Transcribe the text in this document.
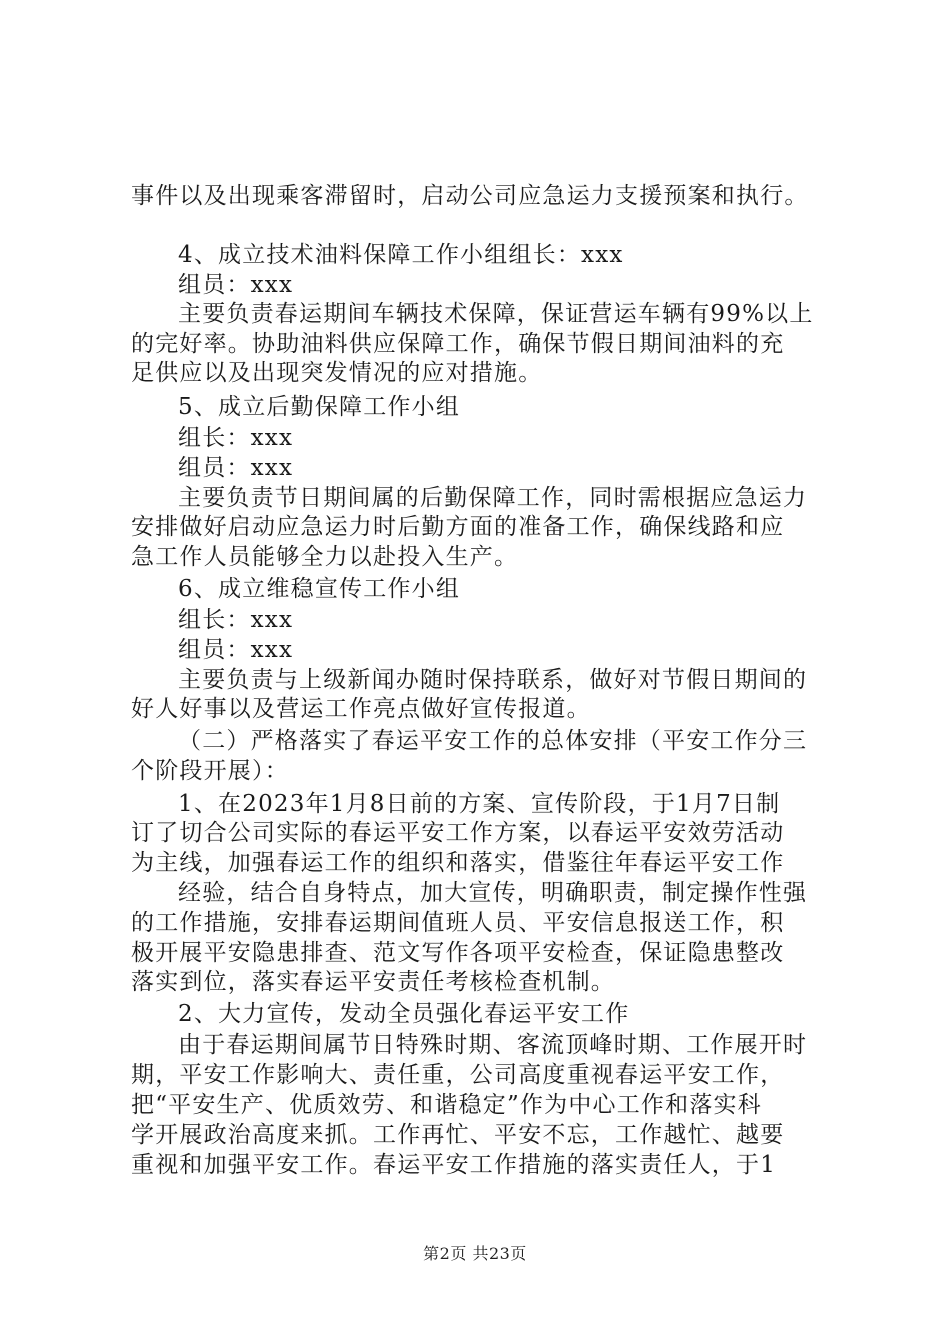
事件以及出现乘客滞留时，启动公司应急运力支援预案和执行。
4、成立技术油料保障工作小组组长：xxx
组员：xxx
主要负责春运期间车辆技术保障，保证营运车辆有99%以上
的完好率。协助油料供应保障工作，确保节假日期间油料的充
足供应以及出现突发情况的应对措施。
5、成立后勤保障工作小组
组长：xxx
组员：xxx
主要负责节日期间属的后勤保障工作，同时需根据应急运力
安排做好启动应急运力时后勤方面的准备工作，确保线路和应
急工作人员能够全力以赴投入生产。
6、成立维稳宣传工作小组
组长：xxx
组员：xxx
主要负责与上级新闻办随时保持联系，做好对节假日期间的
好人好事以及营运工作亮点做好宣传报道。
（二）严格落实了春运平安工作的总体安排（平安工作分三
个阶段开展）：
1、在2023年1月8日前的方案、宣传阶段，于1月7日制
订了切合公司实际的春运平安工作方案，以春运平安效劳活动
为主线，加强春运工作的组织和落实，借鉴往年春运平安工作
经验，结合自身特点，加大宣传，明确职责，制定操作性强
的工作措施，安排春运期间值班人员、平安信息报送工作，积
极开展平安隐患排查、范文写作各项平安检查，保证隐患整改
落实到位，落实春运平安责任考核检查机制。
2、大力宣传，发动全员强化春运平安工作
由于春运期间属节日特殊时期、客流顶峰时期、工作展开时
期，平安工作影响大、责任重，公司高度重视春运平安工作，
把“平安生产、优质效劳、和谐稳定”作为中心工作和落实科
学开展政治高度来抓。工作再忙、平安不忘，工作越忙、越要
重视和加强平安工作。春运平安工作措施的落实责任人，于1
第2页 共23页
